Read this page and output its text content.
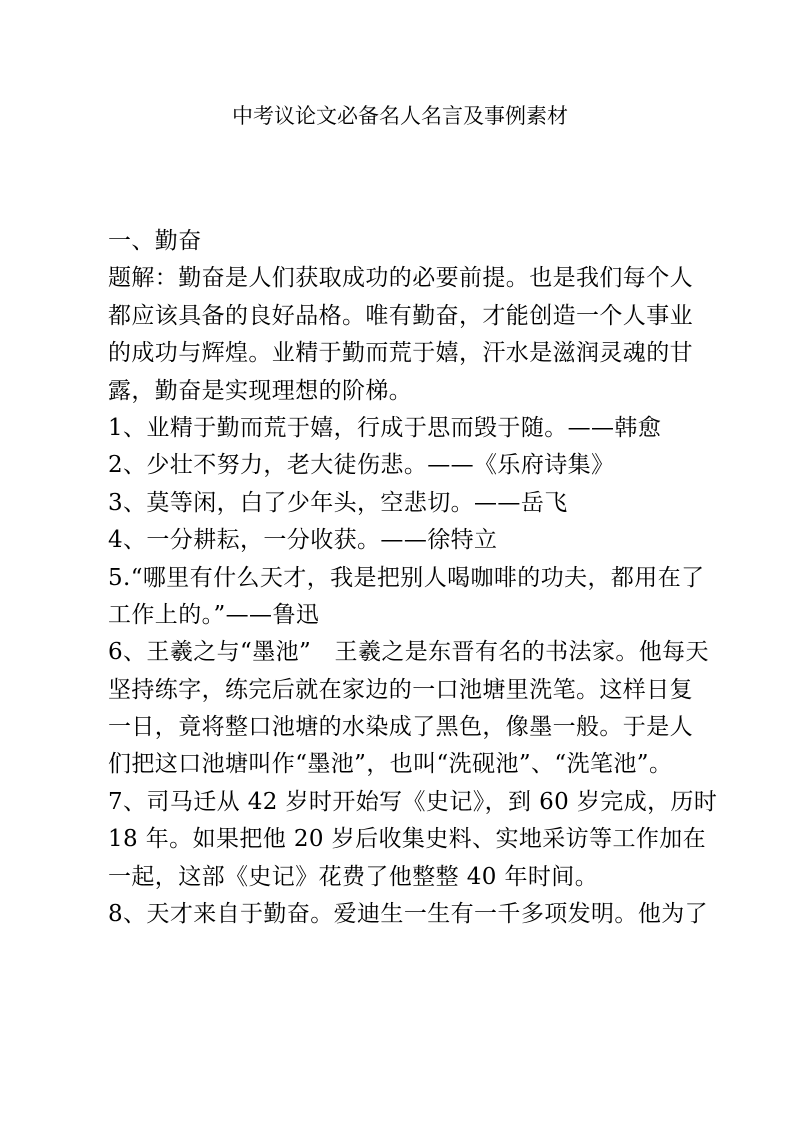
中考议论文必备名人名言及事例素材
一、勤奋
题解：勤奋是人们获取成功的必要前提。也是我们每个人
都应该具备的良好品格。唯有勤奋，才能创造一个人事业
的成功与辉煌。业精于勤而荒于嬉，汗水是滋润灵魂的甘
露，勤奋是实现理想的阶梯。
1、业精于勤而荒于嬉，行成于思而毁于随。——韩愈
2、少壮不努力，老大徒伤悲。——《乐府诗集》
3、莫等闲，白了少年头，空悲切。——岳飞
4、一分耕耘，一分收获。——徐特立
5.“哪里有什么天才，我是把别人喝咖啡的功夫，都用在了
工作上的。”——鲁迅
6、王羲之与“墨池”　王羲之是东晋有名的书法家。他每天
坚持练字，练完后就在家边的一口池塘里洗笔。这样日复
一日，竟将整口池塘的水染成了黑色，像墨一般。于是人
们把这口池塘叫作“墨池”，也叫“洗砚池”、“洗笔池”。
7、司马迁从 42 岁时开始写《史记》，到 60 岁完成，历时
18 年。如果把他 20 岁后收集史料、实地采访等工作加在
一起，这部《史记》花费了他整整 40 年时间。
8、天才来自于勤奋。爱迪生一生有一千多项发明。他为了
